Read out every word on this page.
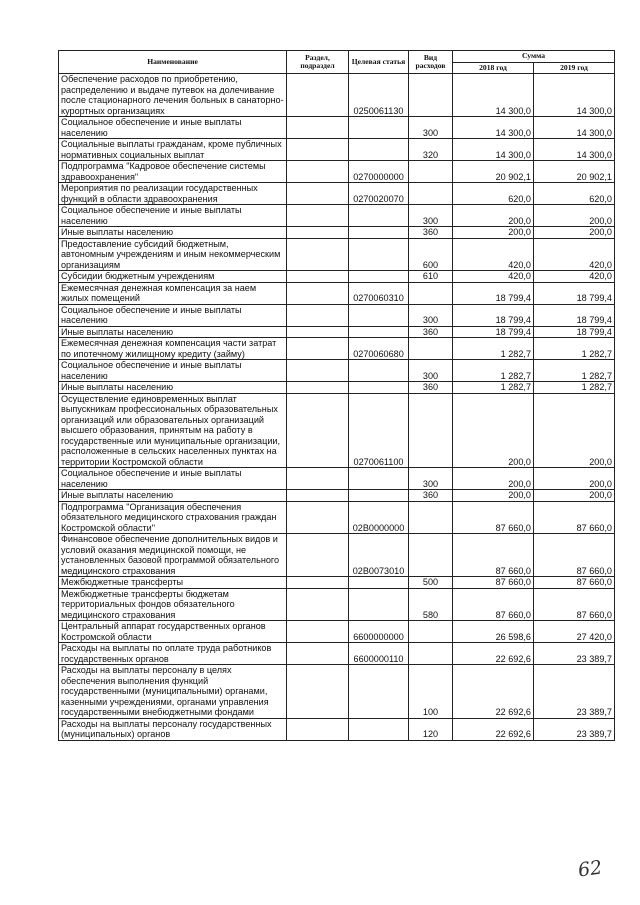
Наименование	Раздел, подраздел	Целевая статья	Вид расходов	Сумма	
				2018 год	2019 год
Обеспечение расходов по приобретению, распределению и выдаче путевок на долечивание после стационарного лечения больных в санаторно-курортных организациях		0250061130		14 300,0	14 300,0
Социальное обеспечение и иные выплаты населению			300	14 300,0	14 300,0
Социальные выплаты гражданам, кроме публичных нормативных социальных выплат			320	14 300,0	14 300,0
Подпрограмма "Кадровое обеспечение системы здравоохранения"		0270000000		20 902,1	20 902,1
Мероприятия по реализации государственных функций в области здравоохранения		0270020070		620,0	620,0
Социальное обеспечение и иные выплаты населению			300	200,0	200,0
Иные выплаты населению			360	200,0	200,0
Предоставление субсидий бюджетным, автономным учреждениям и иным некоммерческим организациям			600	420,0	420,0
Субсидии бюджетным учреждениям			610	420,0	420,0
Ежемесячная денежная компенсация за наем жилых помещений		0270060310		18 799,4	18 799,4
Социальное обеспечение и иные выплаты населению			300	18 799,4	18 799,4
Иные выплаты населению			360	18 799,4	18 799,4
Ежемесячная денежная компенсация части затрат по ипотечному жилищному кредиту (займу)		0270060680		1 282,7	1 282,7
Социальное обеспечение и иные выплаты населению			300	1 282,7	1 282,7
Иные выплаты населению			360	1 282,7	1 282,7
Осуществление единовременных выплат выпускникам профессиональных образовательных организаций или образовательных организаций высшего образования, принятым на работу в государственные или муниципальные организации, расположенные в сельских населенных пунктах на территории Костромской области		0270061100		200,0	200,0
Социальное обеспечение и иные выплаты населению			300	200,0	200,0
Иные выплаты населению			360	200,0	200,0
Подпрограмма "Организация обеспечения обязательного медицинского страхования граждан Костромской области"		02В0000000		87 660,0	87 660,0
Финансовое обеспечение дополнительных видов и условий оказания медицинской помощи, не установленных базовой программой обязательного медицинского страхования		02В0073010		87 660,0	87 660,0
Межбюджетные трансферты			500	87 660,0	87 660,0
Межбюджетные трансферты бюджетам территориальных фондов обязательного медицинского страхования			580	87 660,0	87 660,0
Центральный аппарат государственных органов Костромской области		6600000000		26 598,6	27 420,0
Расходы на выплаты по оплате труда работников государственных органов		6600000110		22 692,6	23 389,7
Расходы на выплаты персоналу в целях обеспечения выполнения функций государственными (муниципальными) органами, казенными учреждениями, органами управления государственными внебюджетными фондами			100	22 692,6	23 389,7
Расходы на выплаты персоналу государственных (муниципальных) органов			120	22 692,6	23 389,7
62
